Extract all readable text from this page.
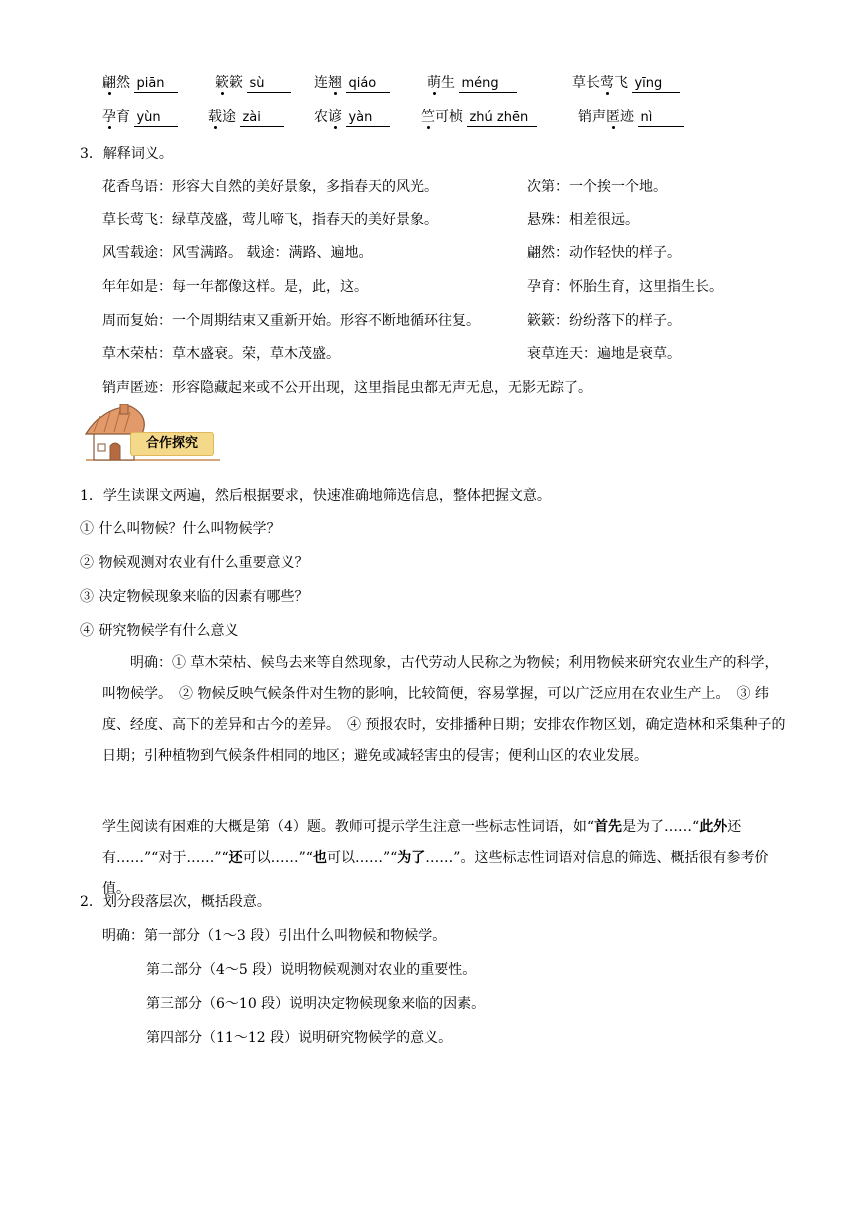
翩然 piān	簌簌 sù	连翘 qiáo	萌生 méng	草长莺飞 yīng
孕育 yùn	载途 zài	农谚 yàn	竺可桢 zhú zhēn	销声匿迹 nì
3．解释词义。
花香鸟语：形容大自然的美好景象，多指春天的风光。
草长莺飞：绿草茂盛，莺儿啼飞，指春天的美好景象。
风雪载途：风雪满路。 载途：满路、遍地。
年年如是：每一年都像这样。是，此，这。
周而复始：一个周期结束又重新开始。形容不断地循环往复。
草木荣枯：草木盛衰。荣，草木茂盛。
销声匿迹：形容隐藏起来或不公开出现，这里指昆虫都无声无息，无影无踪了。
次第：一个挨一个地。
悬殊：相差很远。
翩然：动作轻快的样子。
孕育：怀胎生育，这里指生长。
簌簌：纷纷落下的样子。
衰草连天：遍地是衰草。
合作探究
1．学生读课文两遍，然后根据要求，快速准确地筛选信息，整体把握文意。
① 什么叫物候？什么叫物候学？
② 物候观测对农业有什么重要意义？
③ 决定物候现象来临的因素有哪些？
④ 研究物候学有什么意义
明确：① 草木荣枯、候鸟去来等自然现象，古代劳动人民称之为物候；利用物候来研究农业生产的科学，叫物候学。　② 物候反映气候条件对生物的影响，比较简便，容易掌握，可以广泛应用在农业生产上。　③ 纬度、经度、高下的差异和古今的差异。　④ 预报农时，安排播种日期；安排农作物区划，确定造林和采集种子的日期；引种植物到气候条件相同的地区；避免或减轻害虫的侵害；便利山区的农业发展。
学生阅读有困难的大概是第（4）题。教师可提示学生注意一些标志性词语，如“首先是为了……“此外还有……”“对于……”“还可以……”“也可以……”“为了……”。这些标志性词语对信息的筛选、概括很有参考价值。
2．划分段落层次，概括段意。
明确：第一部分（1～3 段）引出什么叫物候和物候学。
第二部分（4～5 段）说明物候观测对农业的重要性。
第三部分（6～10 段）说明决定物候现象来临的因素。
第四部分（11～12 段）说明研究物候学的意义。
